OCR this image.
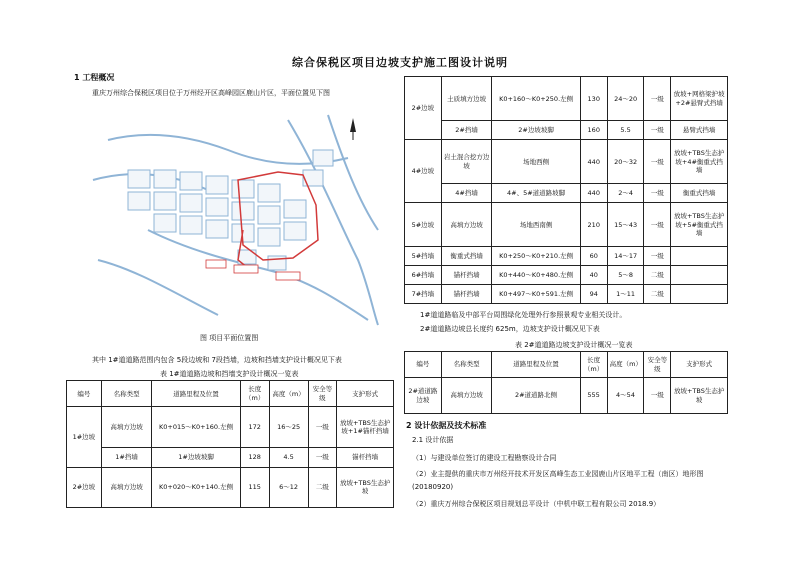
综合保税区项目边坡支护施工图设计说明
1 工程概况
重庆万州综合保税区项目位于万州经开区高峰园区鹿山片区，平面位置见下图
图 项目平面位置图
其中 1#道道路范围内包含 5段边坡和 7段挡墙，边坡和挡墙支护设计概况见下表
表 1#道道路边坡和挡墙支护设计概况一览表
编号	名称类型	道路里程及位置	长度（m）	高度（m）	安全等级	支护形式
1#边坡	高填方边坡	K0+015～K0+160.左侧	172	16～25	一级	放坡+TBS生态护坡+1#锚杆挡墙
	1#挡墙	1#边坡坡脚	128	4.5	一级	锚杆挡墙
2#边坡	高填方边坡	K0+020～K0+140.左侧	115	6～12	二级	放坡+TBS生态护坡
2#边坡	土质填方边坡	K0+160～K0+250.左侧	130	24～20	一级	放坡+网格梁护坡+2#悬臂式挡墙
	2#挡墙	2#边坡坡脚	160	5.5	一级	悬臂式挡墙
4#边坡	岩土混合挖方边坡	场地西侧	440	20～32	一级	放坡+TBS生态护坡+4#衡重式挡墙
	4#挡墙	4#、5#道道路坡脚	440	2～4	一级	衡重式挡墙
5#边坡	高填方边坡	场地西南侧	210	15～43	一级	放坡+TBS生态护坡+5#衡重式挡墙
5#挡墙	衡重式挡墙	K0+250～K0+210.左侧	60	14～17	一级	
6#挡墙	锚杆挡墙	K0+440～K0+480.左侧	40	5～8	二级	
7#挡墙	锚杆挡墙	K0+497～K0+591.左侧	94	1～11	二级	
1#道道路临及中部平台周围绿化处理外行参照景观专业相关设计。
2#道道路边坡总长度约 625m，边坡支护设计概况见下表
表 2#道道路边坡支护设计概况一览表
编号	名称类型	道路里程及位置	长度（m）	高度（m）	安全等级	支护形式
2#道道路边坡	高填方边坡	2#道道路北侧	555	4～54	一级	放坡+TBS生态护坡
2 设计依据及技术标准
2.1 设计依据
（1）与建设单位签订的建设工程勘察设计合同
（2）业主提供的重庆市万州经开技术开发区高峰生态工业园鹿山片区地平工程（南区）地形图
(20180920)
（2）重庆万州综合保税区项目规划总平设计（中机中联工程有限公司 2018.9）
